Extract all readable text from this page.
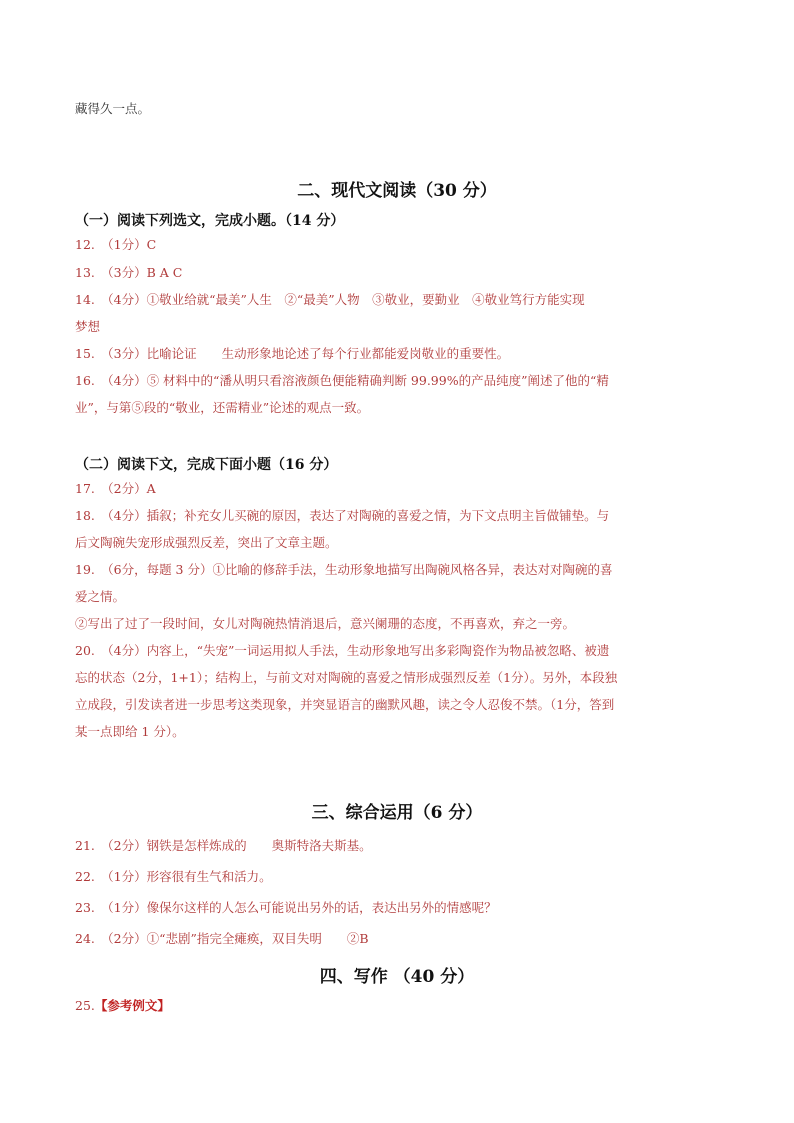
藏得久一点。
二、现代文阅读（30 分）
（一）阅读下列选文，完成小题。（14 分）
12.　（1分）C
13.　（3分）B A C
14.　（4分）①敬业给就“最美”人生　②“最美”人物　③敬业，要勤业　④敬业笃行方能实现
梦想
15.　（3分）比喻论证　　生动形象地论述了每个行业都能爱岗敬业的重要性。
16.　（4分）⑤ 材料中的“潘从明只看溶液颜色便能精确判断 99.99%的产品纯度”阐述了他的“精
业”，与第⑤段的“敬业，还需精业”论述的观点一致。
（二）阅读下文，完成下面小题（16 分）
17.　（2分）A
18.　（4分）插叙；补充女儿买碗的原因，表达了对陶碗的喜爱之情，为下文点明主旨做铺垫。与
后文陶碗失宠形成强烈反差，突出了文章主题。
19.　（6分，每题 3 分）①比喻的修辞手法，生动形象地描写出陶碗风格各异，表达对对陶碗的喜
爱之情。
②写出了过了一段时间，女儿对陶碗热情消退后，意兴阑珊的态度，不再喜欢，弃之一旁。
20.　（4分）内容上，“失宠”一词运用拟人手法，生动形象地写出多彩陶瓷作为物品被忽略、被遗
忘的状态（2分，1+1）；结构上，与前文对对陶碗的喜爱之情形成强烈反差（1分）。另外，本段独
立成段，引发读者进一步思考这类现象，并突显语言的幽默风趣，读之令人忍俊不禁。（1分，答到
某一点即给 1 分）。
三、综合运用（6 分）
21.　（2分）钢铁是怎样炼成的　　奥斯特洛夫斯基。
22.　（1分）形容很有生气和活力。
23.　（1分）像保尔这样的人怎么可能说出另外的话，表达出另外的情感呢？
24.　（2分）①“悲剧”指完全瘫痪，双目失明　　②B
四、写作 （40 分）
25.【参考例文】
